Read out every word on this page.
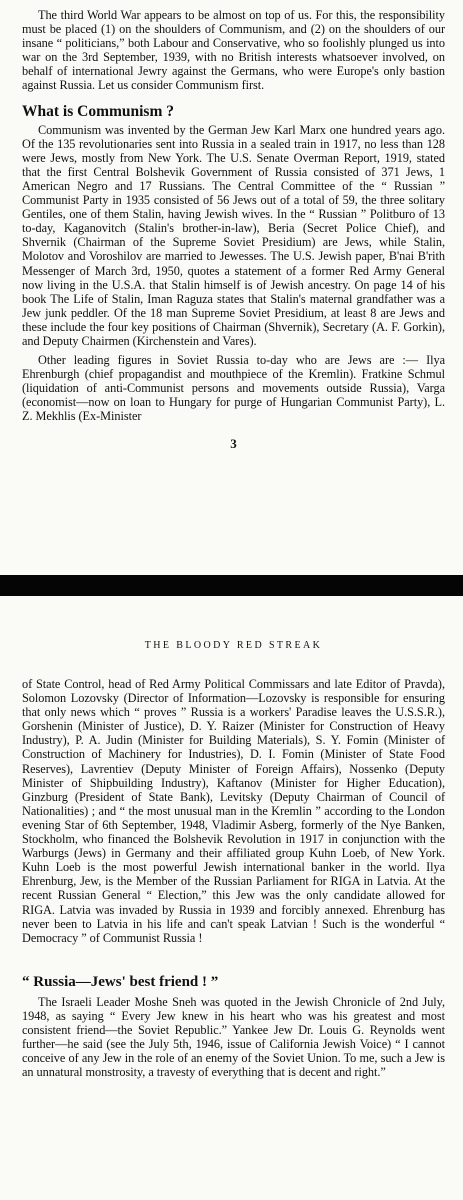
The third World War appears to be almost on top of us. For this, the responsibility must be placed (1) on the shoulders of Communism, and (2) on the shoulders of our insane “ politicians,” both Labour and Conservative, who so foolishly plunged us into war on the 3rd September, 1939, with no British interests whatsoever involved, on behalf of international Jewry against the Germans, who were Europe's only bastion against Russia. Let us consider Communism first.

What is Communism ?

Communism was invented by the German Jew Karl Marx one hundred years ago. Of the 135 revolutionaries sent into Russia in a sealed train in 1917, no less than 128 were Jews, mostly from New York. The U.S. Senate Overman Report, 1919, stated that the first Central Bolshevik Government of Russia consisted of 371 Jews, 1 American Negro and 17 Russians. The Central Committee of the “ Russian ” Communist Party in 1935 consisted of 56 Jews out of a total of 59, the three solitary Gentiles, one of them Stalin, having Jewish wives. In the “ Russian ” Politburo of 13 to-day, Kaganovitch (Stalin's brother-in-law), Beria (Secret Police Chief), and Shvernik (Chairman of the Supreme Soviet Presidium) are Jews, while Stalin, Molotov and Voroshilov are married to Jewesses. The U.S. Jewish paper, B'nai B'rith Messenger of March 3rd, 1950, quotes a statement of a former Red Army General now living in the U.S.A. that Stalin himself is of Jewish ancestry. On page 14 of his book The Life of Stalin, Iman Raguza states that Stalin's maternal grandfather was a Jew junk peddler. Of the 18 man Supreme Soviet Presidium, at least 8 are Jews and these include the four key positions of Chairman (Shvernik), Secretary (A. F. Gorkin), and Deputy Chairmen (Kirchenstein and Vares).

Other leading figures in Soviet Russia to-day who are Jews are :— Ilya Ehrenburgh (chief propagandist and mouthpiece of the Kremlin). Fratkine Schmul (liquidation of anti-Communist persons and movements outside Russia), Varga (economist—now on loan to Hungary for purge of Hungarian Communist Party), L. Z. Mekhlis (Ex-Minister

3
THE BLOODY RED STREAK

of State Control, head of Red Army Political Commissars and late Editor of Pravda), Solomon Lozovsky (Director of Information—Lozovsky is responsible for ensuring that only news which “ proves ” Russia is a workers' Paradise leaves the U.S.S.R.), Gorshenin (Minister of Justice), D. Y. Raizer (Minister for Construction of Heavy Industry), P. A. Judin (Minister for Building Materials), S. Y. Fomin (Minister of Construction of Machinery for Industries), D. I. Fomin (Minister of State Food Reserves), Lavrentiev (Deputy Minister of Foreign Affairs), Nossenko (Deputy Minister of Shipbuilding Industry), Kaftanov (Minister for Higher Education), Ginzburg (President of State Bank), Levitsky (Deputy Chairman of Council of Nationalities) ; and “ the most unusual man in the Kremlin ” according to the London evening Star of 6th September, 1948, Vladimir Asberg, formerly of the Nye Banken, Stockholm, who financed the Bolshevik Revolution in 1917 in conjunction with the Warburgs (Jews) in Germany and their affiliated group Kuhn Loeb, of New York. Kuhn Loeb is the most powerful Jewish international banker in the world. Ilya Ehrenburg, Jew, is the Member of the Russian Parliament for RIGA in Latvia. At the recent Russian General “ Election,” this Jew was the only candidate allowed for RIGA. Latvia was invaded by Russia in 1939 and forcibly annexed. Ehrenburg has never been to Latvia in his life and can't speak Latvian ! Such is the wonderful “ Democracy ” of Communist Russia !

“ Russia—Jews' best friend ! ”

The Israeli Leader Moshe Sneh was quoted in the Jewish Chronicle of 2nd July, 1948, as saying “ Every Jew knew in his heart who was his greatest and most consistent friend—the Soviet Republic.” Yankee Jew Dr. Louis G. Reynolds went further—he said (see the July 5th, 1946, issue of California Jewish Voice) “ I cannot conceive of any Jew in the role of an enemy of the Soviet Union. To me, such a Jew is an unnatural monstrosity, a travesty of everything that is decent and right.”
